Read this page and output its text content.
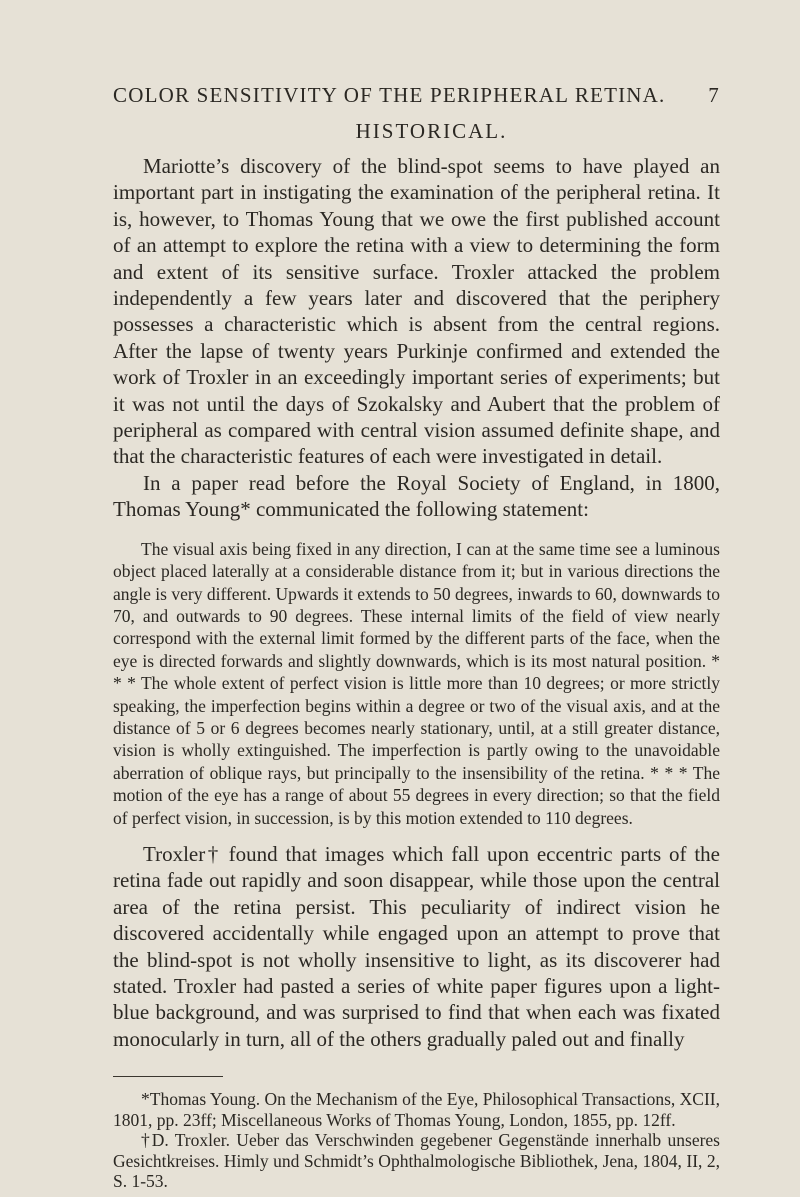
COLOR SENSITIVITY OF THE PERIPHERAL RETINA. 7
HISTORICAL.

Mariotte’s discovery of the blind-spot seems to have played an important part in instigating the examination of the peripheral retina. It is, however, to Thomas Young that we owe the first published account of an attempt to explore the retina with a view to determining the form and extent of its sensitive surface. Troxler attacked the problem independently a few years later and discovered that the periphery possesses a characteristic which is absent from the central regions. After the lapse of twenty years Purkinje confirmed and extended the work of Troxler in an exceedingly important series of experiments; but it was not until the days of Szokalsky and Aubert that the problem of peripheral as compared with central vision assumed definite shape, and that the characteristic features of each were investigated in detail.

In a paper read before the Royal Society of England, in 1800, Thomas Young* communicated the following statement:

The visual axis being fixed in any direction, I can at the same time see a luminous object placed laterally at a considerable distance from it; but in various directions the angle is very different. Upwards it extends to 50 degrees, inwards to 60, downwards to 70, and outwards to 90 degrees. These internal limits of the field of view nearly correspond with the external limit formed by the different parts of the face, when the eye is directed forwards and slightly downwards, which is its most natural position. * * * The whole extent of perfect vision is little more than 10 degrees; or more strictly speaking, the imperfection begins within a degree or two of the visual axis, and at the distance of 5 or 6 degrees becomes nearly stationary, until, at a still greater distance, vision is wholly extinguished. The imperfection is partly owing to the unavoidable aberration of oblique rays, but principally to the insensibility of the retina. * * * The motion of the eye has a range of about 55 degrees in every direction; so that the field of perfect vision, in succession, is by this motion extended to 110 degrees.

Troxler† found that images which fall upon eccentric parts of the retina fade out rapidly and soon disappear, while those upon the central area of the retina persist. This peculiarity of indirect vision he discovered accidentally while engaged upon an attempt to prove that the blind-spot is not wholly insensitive to light, as its discoverer had stated. Troxler had pasted a series of white paper figures upon a light-blue background, and was surprised to find that when each was fixated monocularly in turn, all of the others gradually paled out and finally

*Thomas Young. On the Mechanism of the Eye, Philosophical Transactions, XCII, 1801, pp. 23ff; Miscellaneous Works of Thomas Young, London, 1855, pp. 12ff.

†D. Troxler. Ueber das Verschwinden gegebener Gegenstände innerhalb unseres Gesichtkreises. Himly und Schmidt’s Ophthalmologische Bibliothek, Jena, 1804, II, 2, S. 1-53.
